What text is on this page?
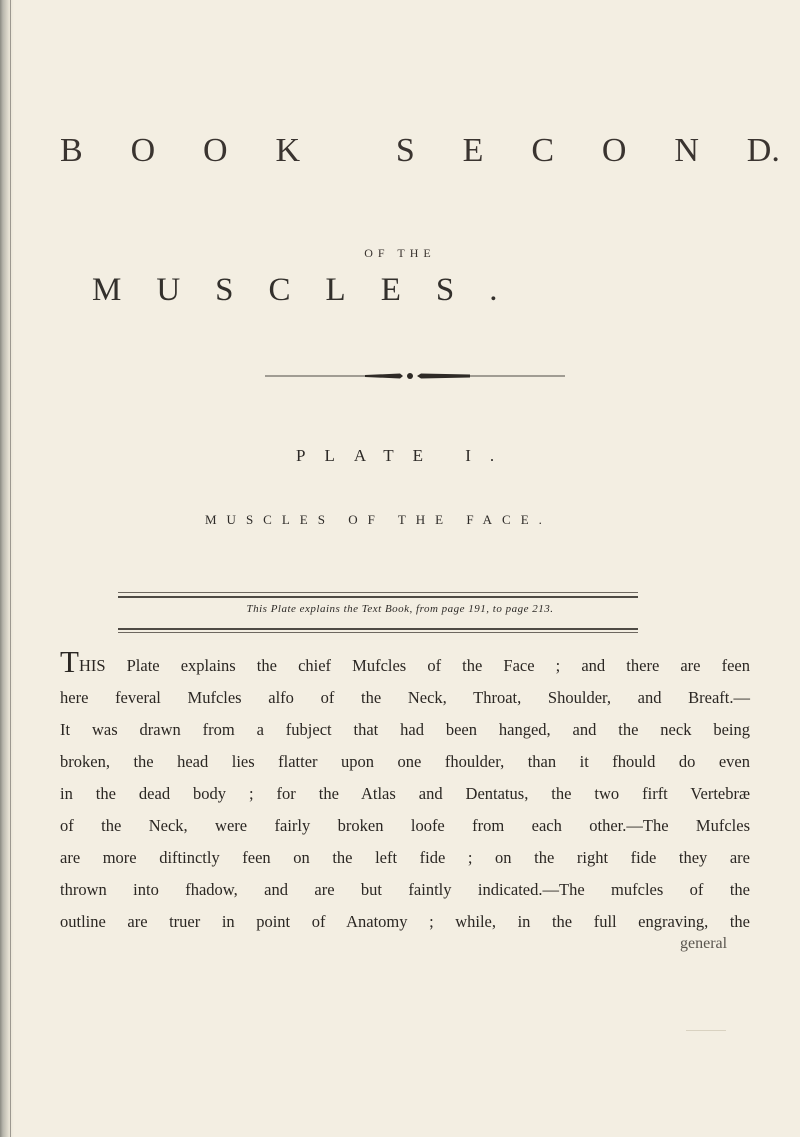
B O O K	S E C O N D.
OF THE
MUSCLES.
PLATE I.
MUSCLES OF THE FACE.
This Plate explains the Text Book, from page 191, to page 213.
THIS Plate explains the chief Mufcles of the Face ; and there are feen
here feveral Mufcles alfo of the Neck, Throat, Shoulder, and Breaft.—
It was drawn from a fubject that had been hanged, and the neck being
broken, the head lies flatter upon one fhoulder, than it fhould do even
in the dead body ; for the Atlas and Dentatus, the two firft Vertebræ
of the Neck, were fairly broken loofe from each other.—The Mufcles
are more diftinctly feen on the left fide ; on the right fide they are
thrown into fhadow, and are but faintly indicated.—The mufcles of the
outline are truer in point of Anatomy ; while, in the full engraving, the
general
